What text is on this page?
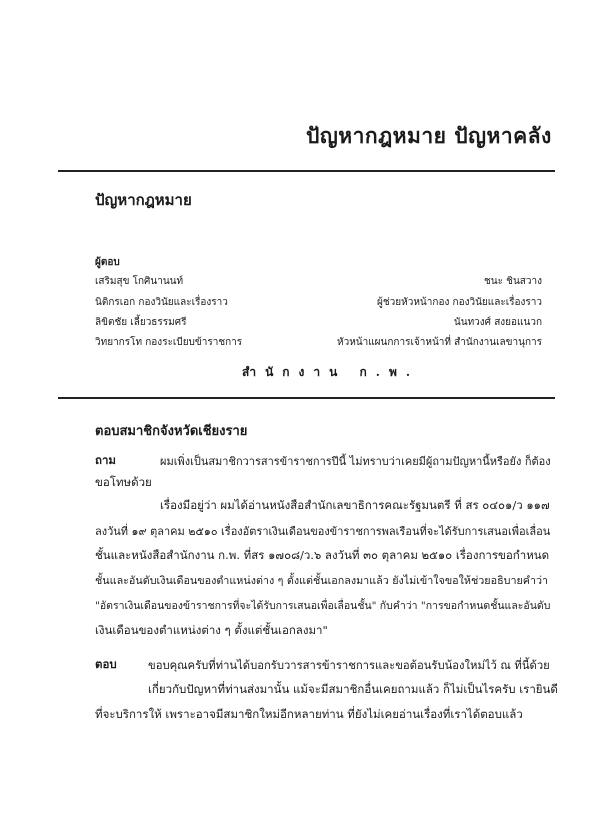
ปัญหากฎหมาย ปัญหาคลัง
ปัญหากฎหมาย
ผู้ตอบ
เสริมสุข โกศินานนท์
นิติกรเอก กองวินัยและเรื่องราว
ลิขิตชัย เลี้ยวธรรมศรี
วิทยากรโท กองระเบียบข้าราชการ
ชนะ ชินสวาง
ผู้ช่วยหัวหน้ากอง กองวินัยและเรื่องราว
นันทวงศ์ สงยอแนวก
หัวหน้าแผนกการเจ้าหน้าที่ สำนักงานเลขานุการ
สำนักงาน ก.พ.
ตอบสมาชิกจังหวัดเชียงราย
ถาม	ผมเพิ่งเป็นสมาชิกวารสารข้าราชการปีนี้ ไม่ทราบว่าเคยมีผู้ถามปัญหานี้หรือยัง ก็ต้อง
ขอโทษด้วย
เรื่องมีอยู่ว่า ผมได้อ่านหนังสือสำนักเลขาธิการคณะรัฐมนตรี ที่ สร ๐๔๐๑/ว ๑๑๗
ลงวันที่ ๑๙ ตุลาคม ๒๕๑๐ เรื่องอัตราเงินเดือนของข้าราชการพลเรือนที่จะได้รับการเสนอเพื่อเลื่อน
ชั้นและหนังสือสำนักงาน ก.พ. ที่สร ๑๗๐๘/ว.๖ ลงวันที่ ๓๐ ตุลาคม ๒๕๑๐ เรื่องการขอกำหนด
ชั้นและอันดับเงินเดือนของตำแหน่งต่าง ๆ ตั้งแต่ชั้นเอกลงมาแล้ว ยังไม่เข้าใจขอให้ช่วยอธิบายคำว่า
"อัตราเงินเดือนของข้าราชการที่จะได้รับการเสนอเพื่อเลื่อนชั้น" กับคำว่า "การขอกำหนดชั้นและอันดับ
เงินเดือนของตำแหน่งต่าง ๆ ตั้งแต่ชั้นเอกลงมา"
ตอบ	ขอบคุณครับที่ท่านได้บอกรับวารสารข้าราชการและขอต้อนรับน้องใหม่ไว้ ณ ที่นี้ด้วย
เกี่ยวกับปัญหาที่ท่านส่งมานั้น แม้จะมีสมาชิกอื่นเคยถามแล้ว ก็ไม่เป็นไรครับ เรายินดี
ที่จะบริการให้ เพราะอาจมีสมาชิกใหม่อีกหลายท่าน ที่ยังไม่เคยอ่านเรื่องที่เราได้ตอบแล้ว
